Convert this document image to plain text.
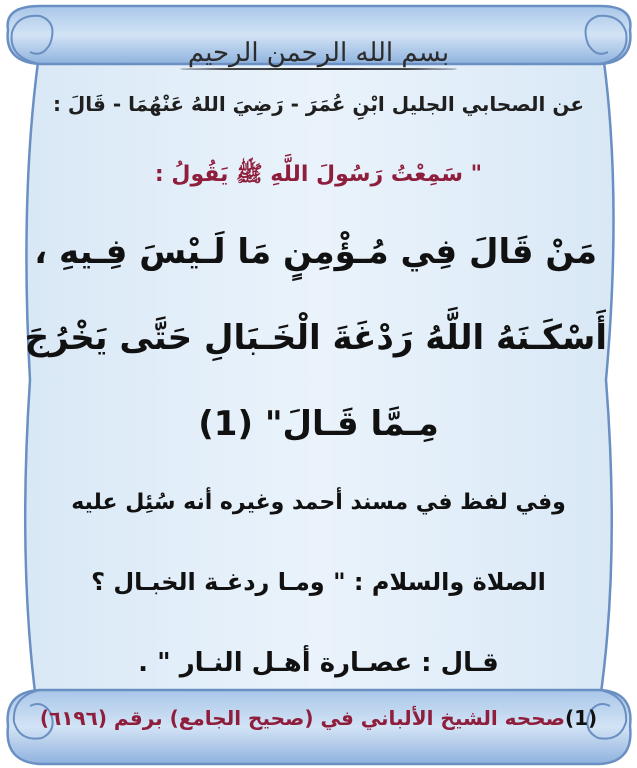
بسم الله الرحمن الرحيم
عن الصحابي الجليل ابْنِ عُمَرَ - رَضِيَ اللهُ عَنْهُمَا - قَالَ :
" سَمِعْتُ رَسُولَ اللَّهِ ﷺ يَقُولُ :
مَنْ قَالَ فِي مُـؤْمِنٍ مَا لَـيْسَ فِـيهِ ،
أَسْكَـنَهُ اللَّهُ رَدْغَةَ الْخَـبَالِ حَتَّى يَخْرُجَ
مِـمَّا قَـالَ" (1)
وفي لفظ في مسند أحمد وغيره أنه سُئِل عليه
الصلاة والسلام : " ومـا ردغـة الخبـال ؟
قـال : عصـارة أهـل النـار " .
(1)صححه الشيخ الألباني في (صحيح الجامع) برقم (٦١٩٦)
